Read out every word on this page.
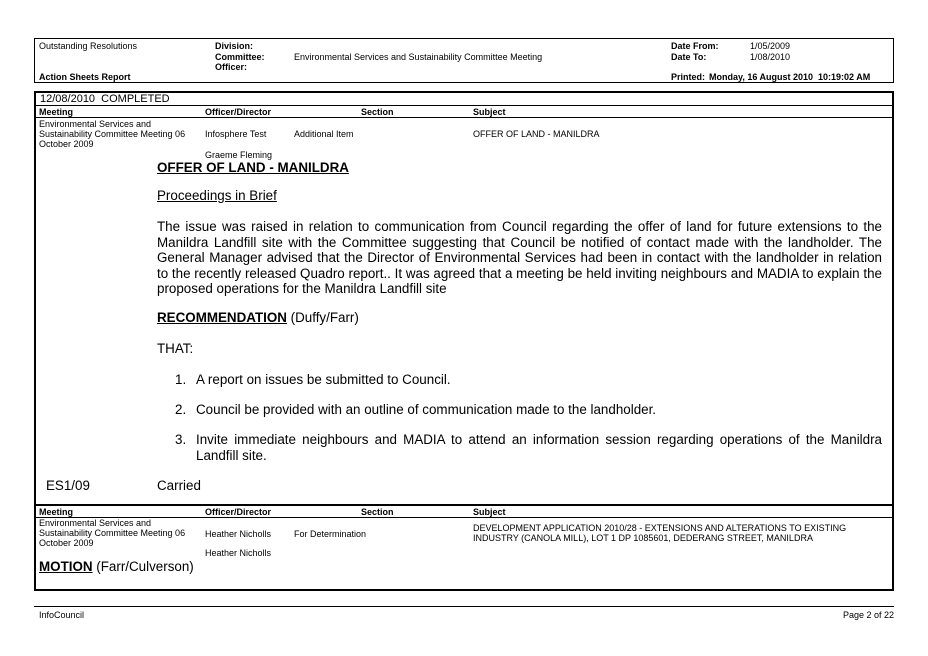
Outstanding Resolutions
Action Sheets Report
Division:
Committee:	Environmental Services and Sustainability Committee Meeting
Officer:
Date From:	1/05/2009
Date To:	1/08/2010
Printed: Monday, 16 August 2010  10:19:02 AM
12/08/2010  COMPLETED
Meeting	Officer/Director	Section	Subject
Environmental Services and
Sustainability Committee Meeting 06
October 2009
Infosphere Test	Additional Item	OFFER OF LAND - MANILDRA
Graeme Fleming
OFFER OF LAND - MANILDRA
Proceedings in Brief
The issue was raised in relation to communication from Council regarding the offer of land for future extensions to the Manildra Landfill site with the Committee suggesting that Council be notified of contact made with the landholder. The General Manager advised that the Director of Environmental Services had been in contact with the landholder in relation to the recently released Quadro report.. It was agreed that a meeting be held inviting neighbours and MADIA to explain the proposed operations for the Manildra Landfill site
RECOMMENDATION (Duffy/Farr)
THAT:
1. A report on issues be submitted to Council.
2. Council be provided with an outline of communication made to the landholder.
3. Invite immediate neighbours and MADIA to attend an information session regarding operations of the Manildra Landfill site.
ES1/09	Carried
Meeting	Officer/Director	Section	Subject
Environmental Services and
Sustainability Committee Meeting 06
October 2009
Heather Nicholls	For Determination
DEVELOPMENT APPLICATION 2010/28 - EXTENSIONS AND ALTERATIONS TO EXISTING
INDUSTRY (CANOLA MILL), LOT 1 DP 1085601, DEDERANG STREET, MANILDRA
Heather Nicholls
MOTION (Farr/Culverson)
InfoCouncil	Page 2 of 22
